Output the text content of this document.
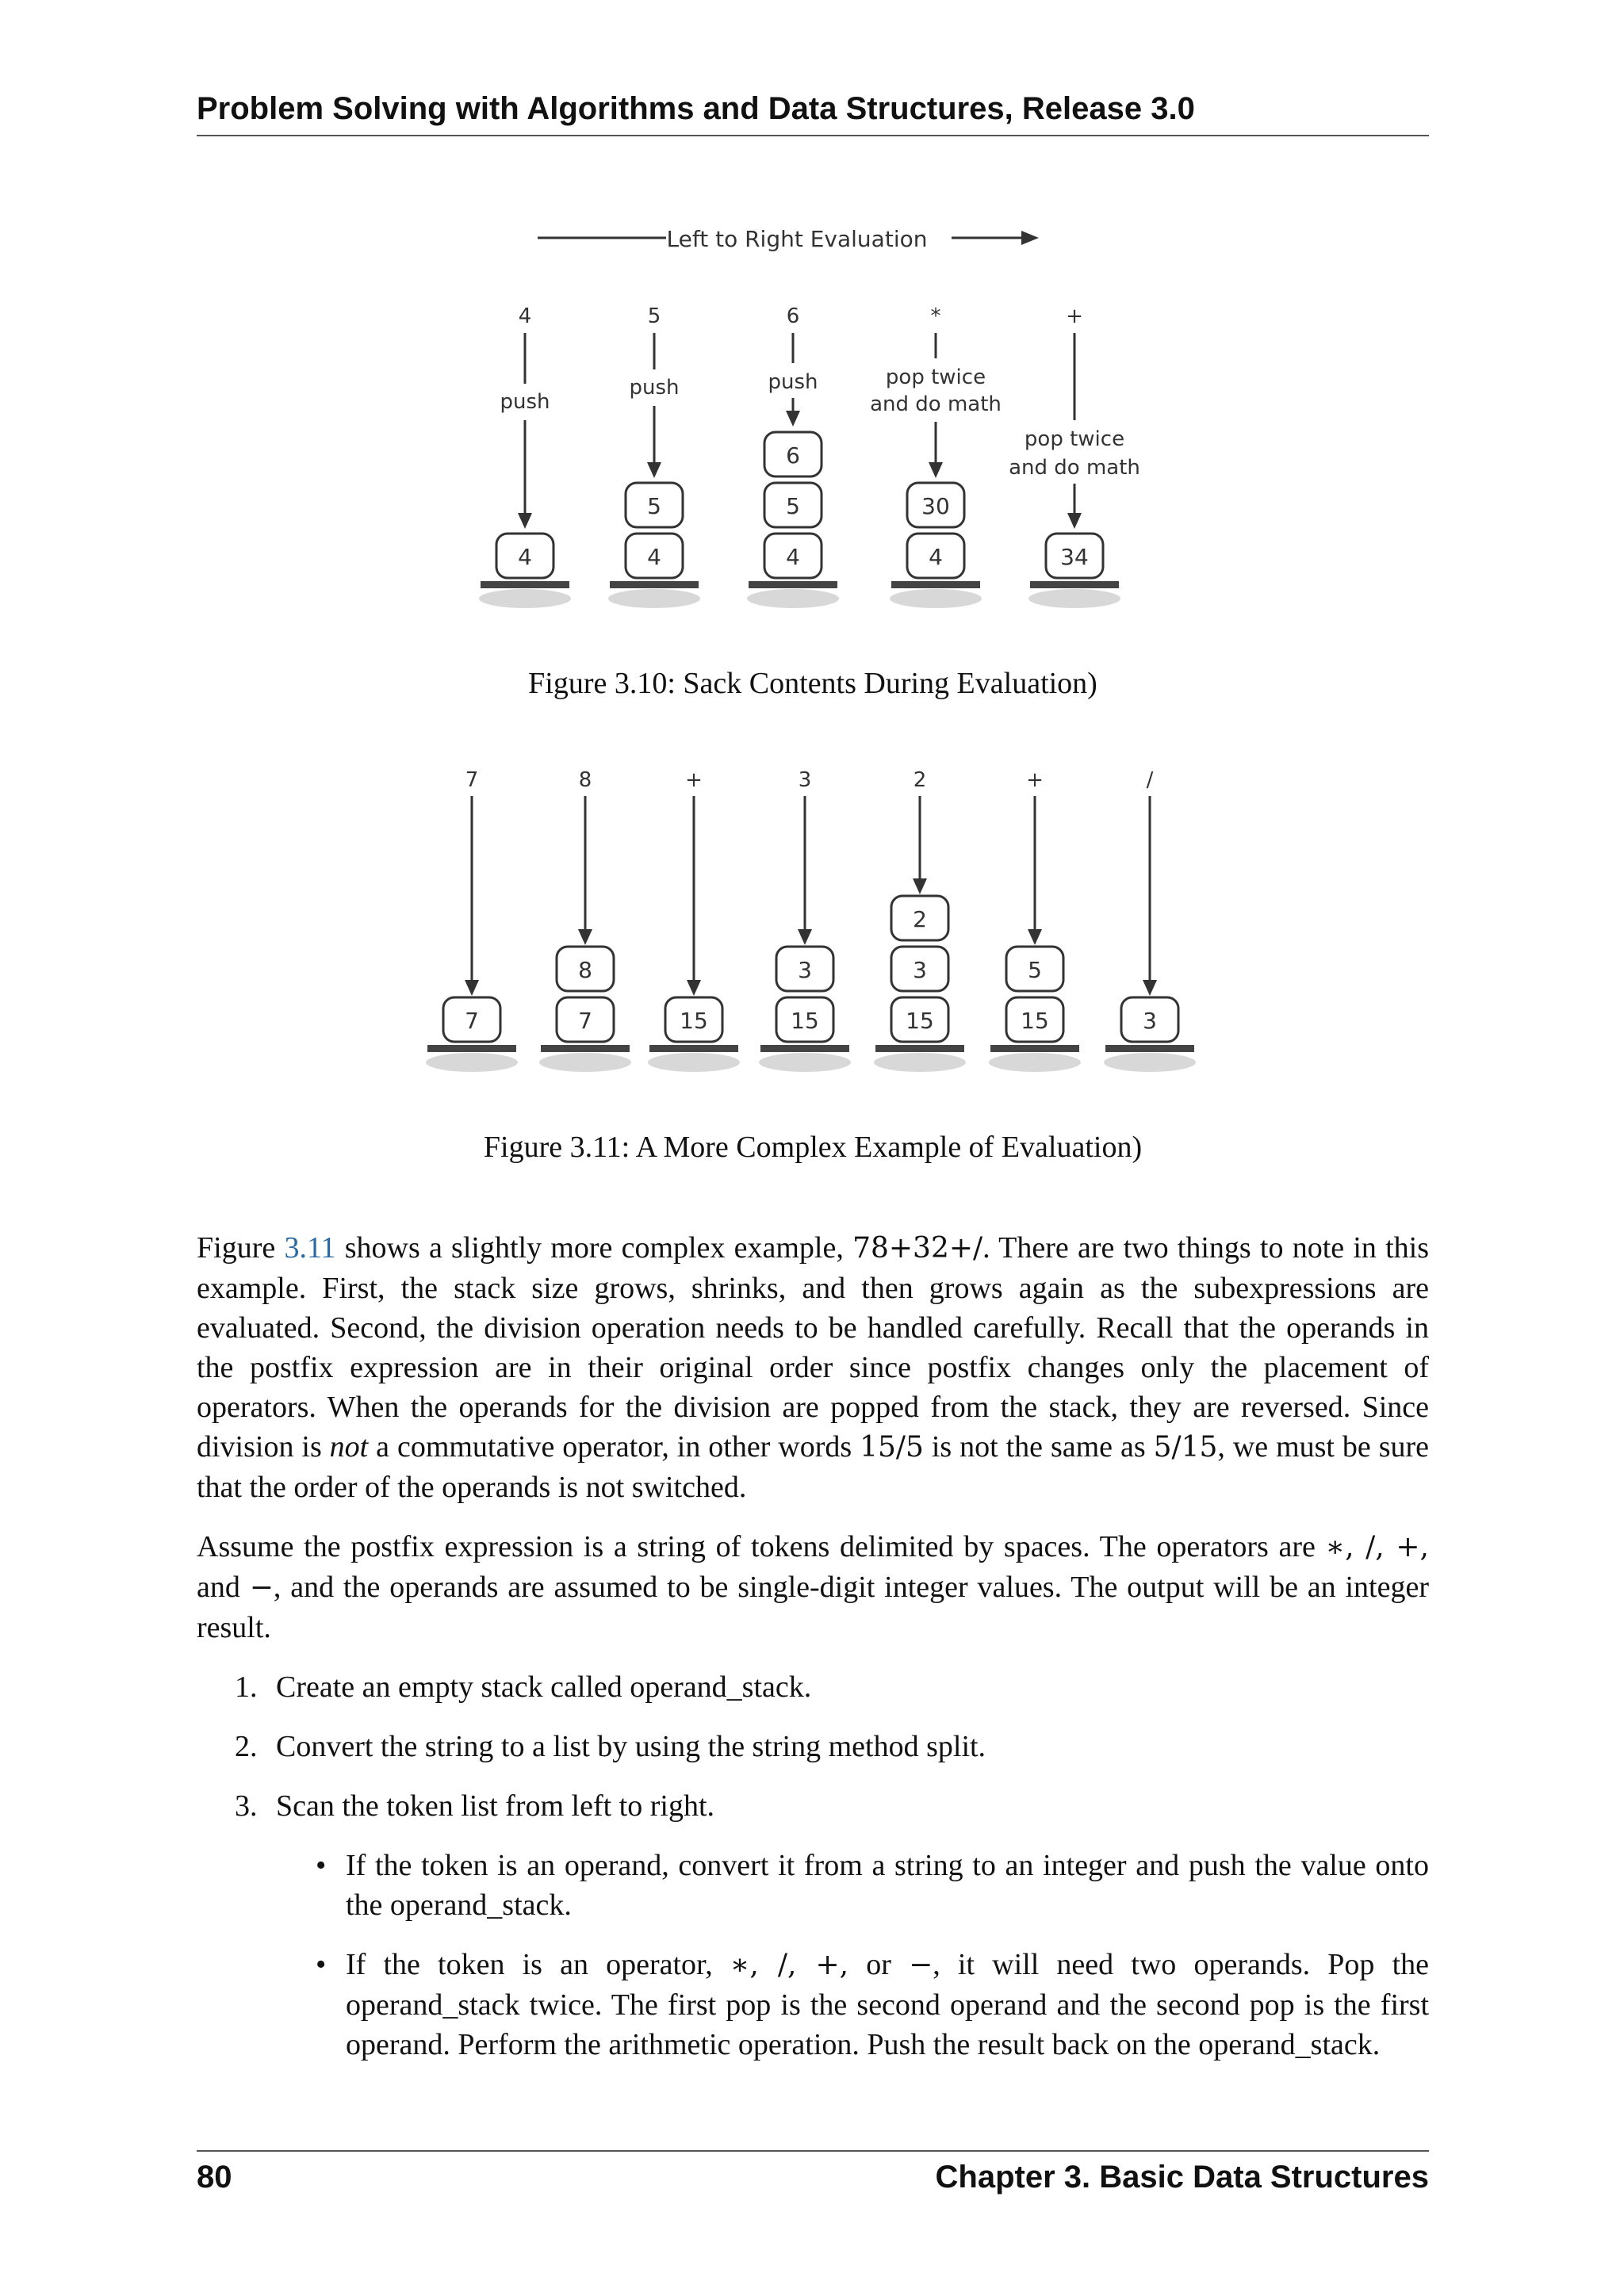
Problem Solving with Algorithms and Data Structures, Release 3.0
Left to Right Evaluation
4
push
4
5
push
4
5
6
push
4
5
6
*
pop twice
and do math
4
30
+
pop twice
and do math
34
Figure 3.10: Sack Contents During Evaluation)
7
7
8
7
8
+
15
3
15
3
2
15
3
2
+
15
5
/
3
Figure 3.11: A More Complex Example of Evaluation)

Figure 3.11 shows a slightly more complex example, 78+32+/. There are two things to note in this example. First, the stack size grows, shrinks, and then grows again as the subexpressions are evaluated. Second, the division operation needs to be handled carefully. Recall that the operands in the postfix expression are in their original order since postfix changes only the placement of operators. When the operands for the division are popped from the stack, they are reversed. Since division is not a commutative operator, in other words 15/5 is not the same as 5/15, we must be sure that the order of the operands is not switched.

Assume the postfix expression is a string of tokens delimited by spaces. The operators are ∗, /, +, and −, and the operands are assumed to be single-digit integer values. The output will be an integer result.

1. Create an empty stack called operand_stack.
2. Convert the string to a list by using the string method split.
3. Scan the token list from left to right.
• If the token is an operand, convert it from a string to an integer and push the value onto the operand_stack.
• If the token is an operator, ∗, /, +, or −, it will need two operands. Pop the operand_stack twice. The first pop is the second operand and the second pop is the first operand. Perform the arithmetic operation. Push the result back on the operand_stack.
80	Chapter 3. Basic Data Structures
